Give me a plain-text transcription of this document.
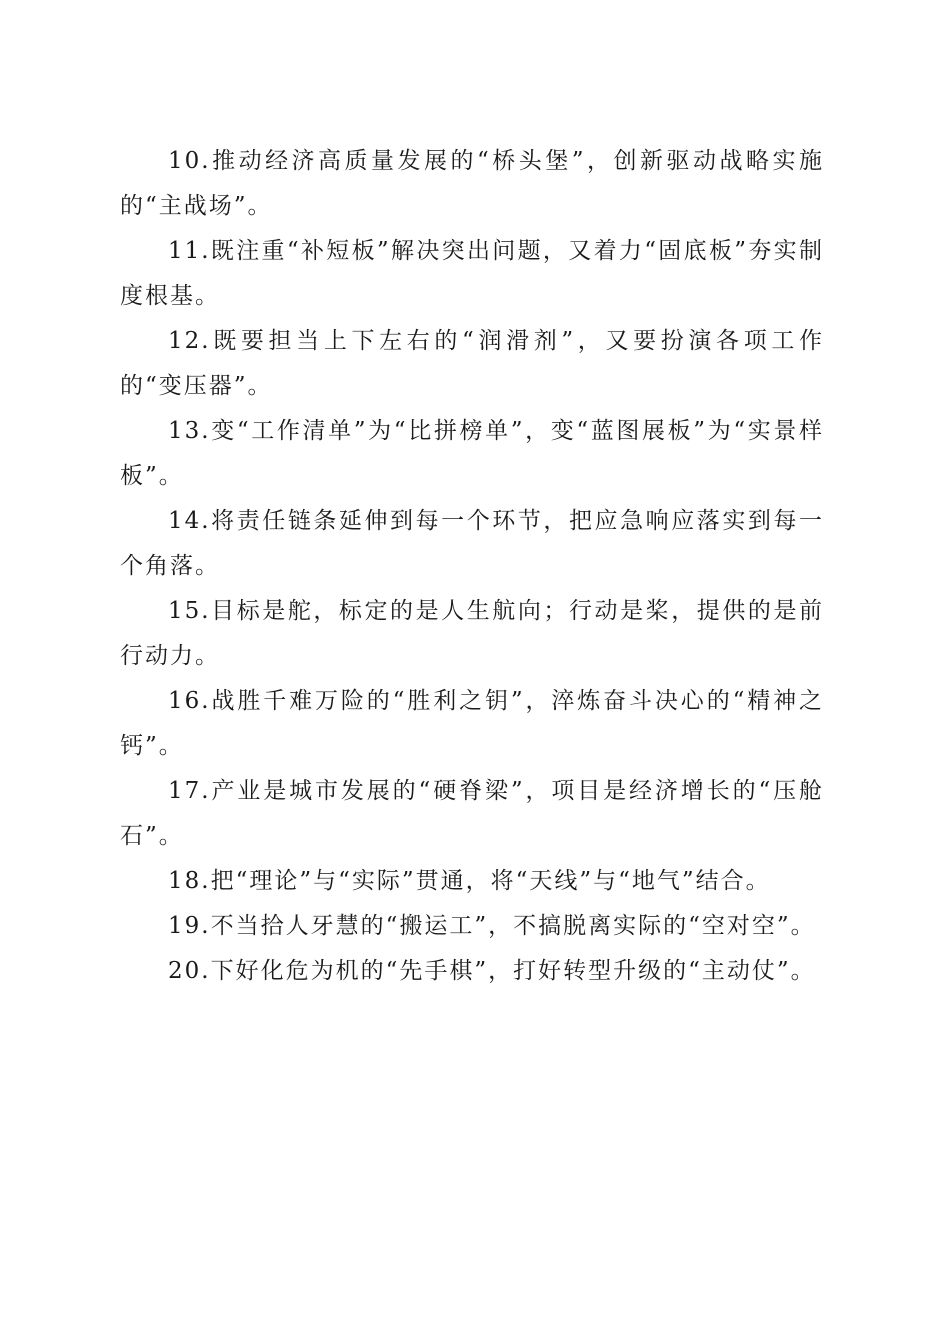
10.推动经济高质量发展的“桥头堡”，创新驱动战略实施的“主战场”。

11.既注重“补短板”解决突出问题，又着力“固底板”夯实制度根基。

12.既要担当上下左右的“润滑剂”，又要扮演各项工作的“变压器”。

13.变“工作清单”为“比拼榜单”，变“蓝图展板”为“实景样板”。

14.将责任链条延伸到每一个环节，把应急响应落实到每一个角落。

15.目标是舵，标定的是人生航向；行动是桨，提供的是前行动力。

16.战胜千难万险的“胜利之钥”，淬炼奋斗决心的“精神之钙”。

17.产业是城市发展的“硬脊梁”，项目是经济增长的“压舱石”。

18.把“理论”与“实际”贯通，将“天线”与“地气”结合。

19.不当拾人牙慧的“搬运工”，不搞脱离实际的“空对空”。

20.下好化危为机的“先手棋”，打好转型升级的“主动仗”。
